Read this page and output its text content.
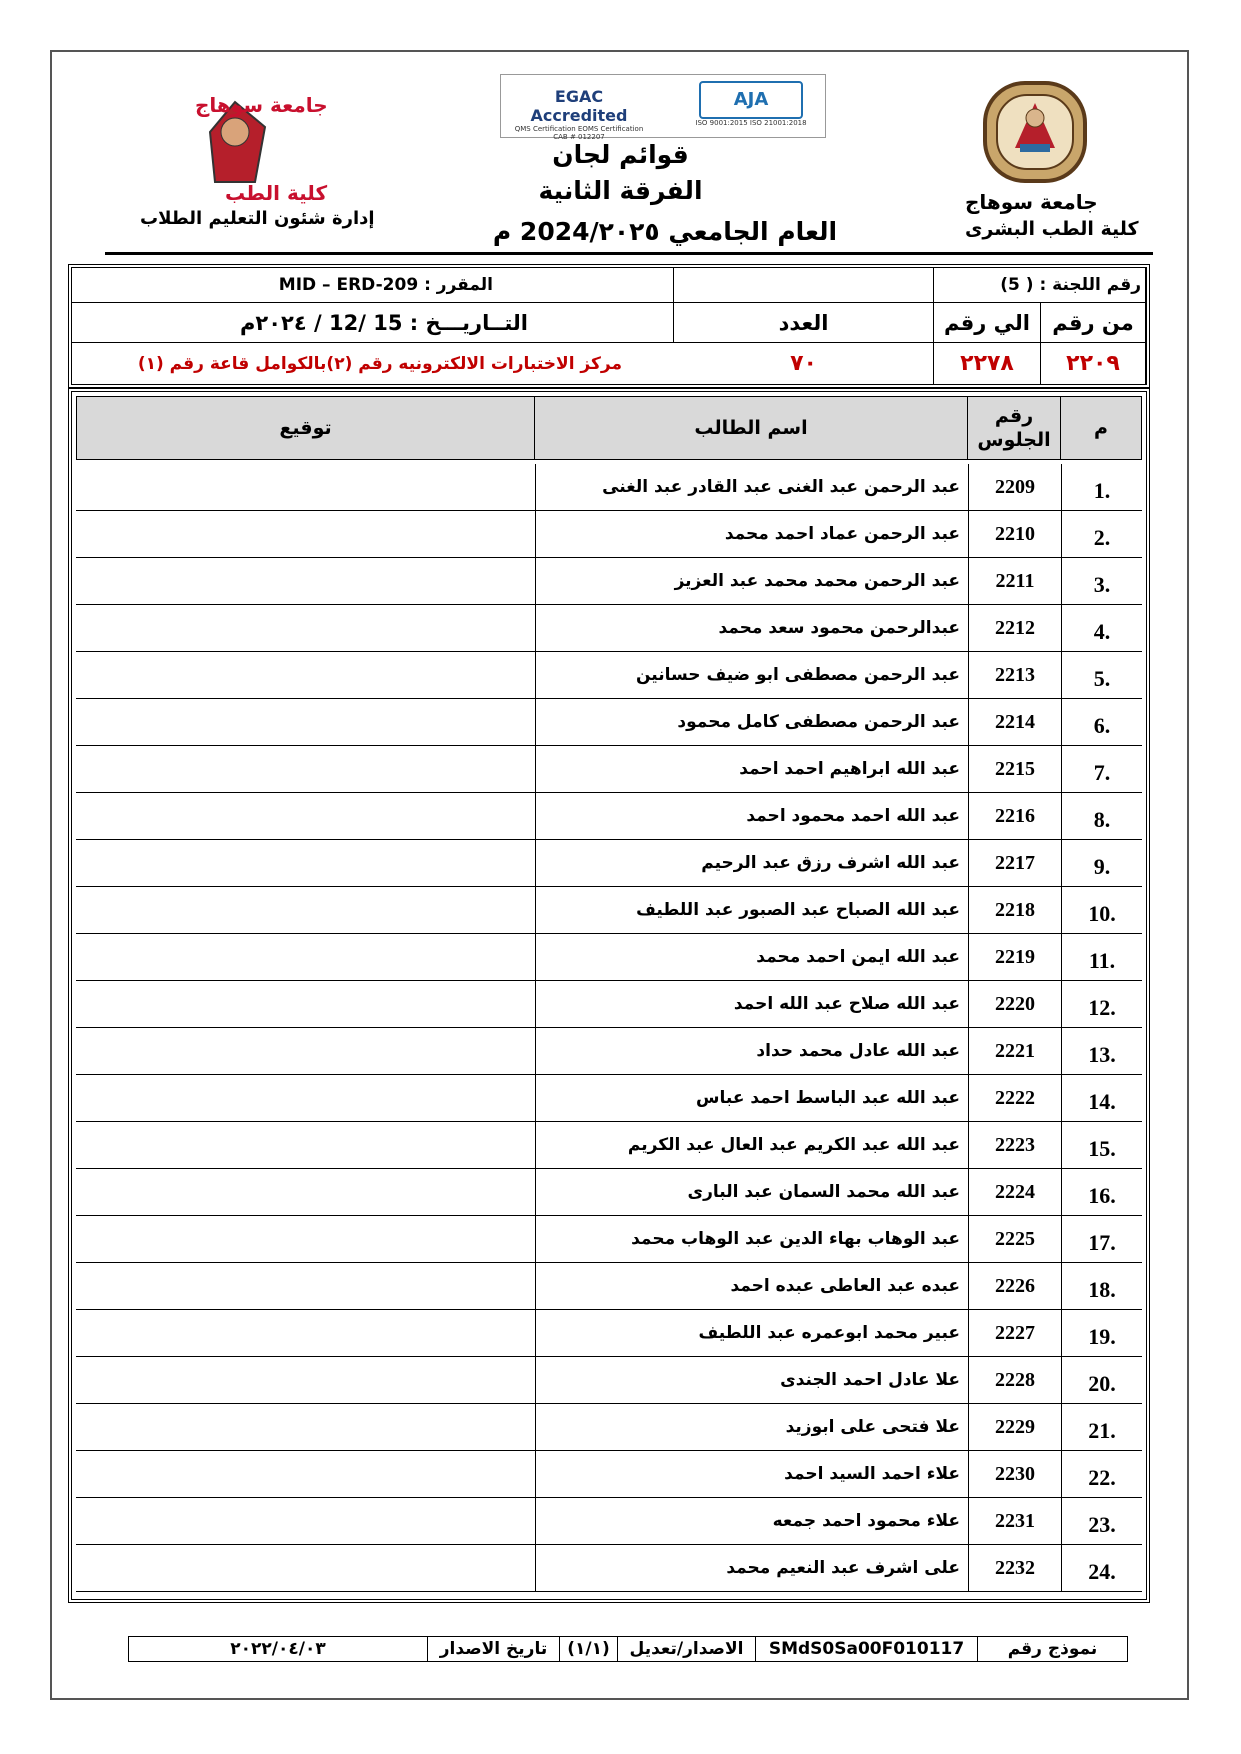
جامعة سوهاج
كلية الطب
EGAC Accredited
QMS Certification EOMS Certification CAB # 012207
AJA
ISO 9001:2015 ISO 21001:2018
جامعة سوهاج
كلية الطب البشرى
إدارة شئون التعليم الطلاب
قوائم لجان
الفرقة الثانية
العام الجامعي 2024/٢٠٢٥ م
رقم اللجنة : ( 5)
المقرر : MID – ERD-209
من رقم
الي رقم
العدد
التــاريـــخ : 15 /12 / ٢٠٢٤م
٢٢٠٩
٢٢٧٨
٧٠
مركز الاختبارات الالكترونيه رقم (٢)بالكوامل قاعة رقم (١)
م
رقم الجلوس
اسم الطالب
توقيع
1.
2209
عبد الرحمن عبد الغنى عبد القادر عبد الغنى
2.
2210
عبد الرحمن عماد احمد محمد
3.
2211
عبد الرحمن محمد محمد عبد العزيز
4.
2212
عبدالرحمن محمود سعد محمد
5.
2213
عبد الرحمن مصطفى ابو ضيف حسانين
6.
2214
عبد الرحمن مصطفى كامل محمود
7.
2215
عبد الله ابراهيم احمد احمد
8.
2216
عبد الله احمد محمود احمد
9.
2217
عبد الله اشرف رزق عبد الرحيم
10.
2218
عبد الله الصباح عبد الصبور عبد اللطيف
11.
2219
عبد الله ايمن احمد محمد
12.
2220
عبد الله صلاح عبد الله احمد
13.
2221
عبد الله عادل محمد حداد
14.
2222
عبد الله عبد الباسط احمد عباس
15.
2223
عبد الله عبد الكريم عبد العال عبد الكريم
16.
2224
عبد الله محمد السمان عبد البارى
17.
2225
عبد الوهاب بهاء الدين عبد الوهاب محمد
18.
2226
عبده عبد العاطى عبده احمد
19.
2227
عبير محمد ابوعمره عبد اللطيف
20.
2228
علا عادل احمد الجندى
21.
2229
علا فتحى على ابوزيد
22.
2230
علاء احمد السيد احمد
23.
2231
علاء محمود احمد جمعه
24.
2232
على اشرف عبد النعيم محمد
نموذج رقم
SMdS0Sa00F010117
الاصدار/تعديل
(١/١)
تاريخ الاصدار
٢٠٢٢/٠٤/٠٣
